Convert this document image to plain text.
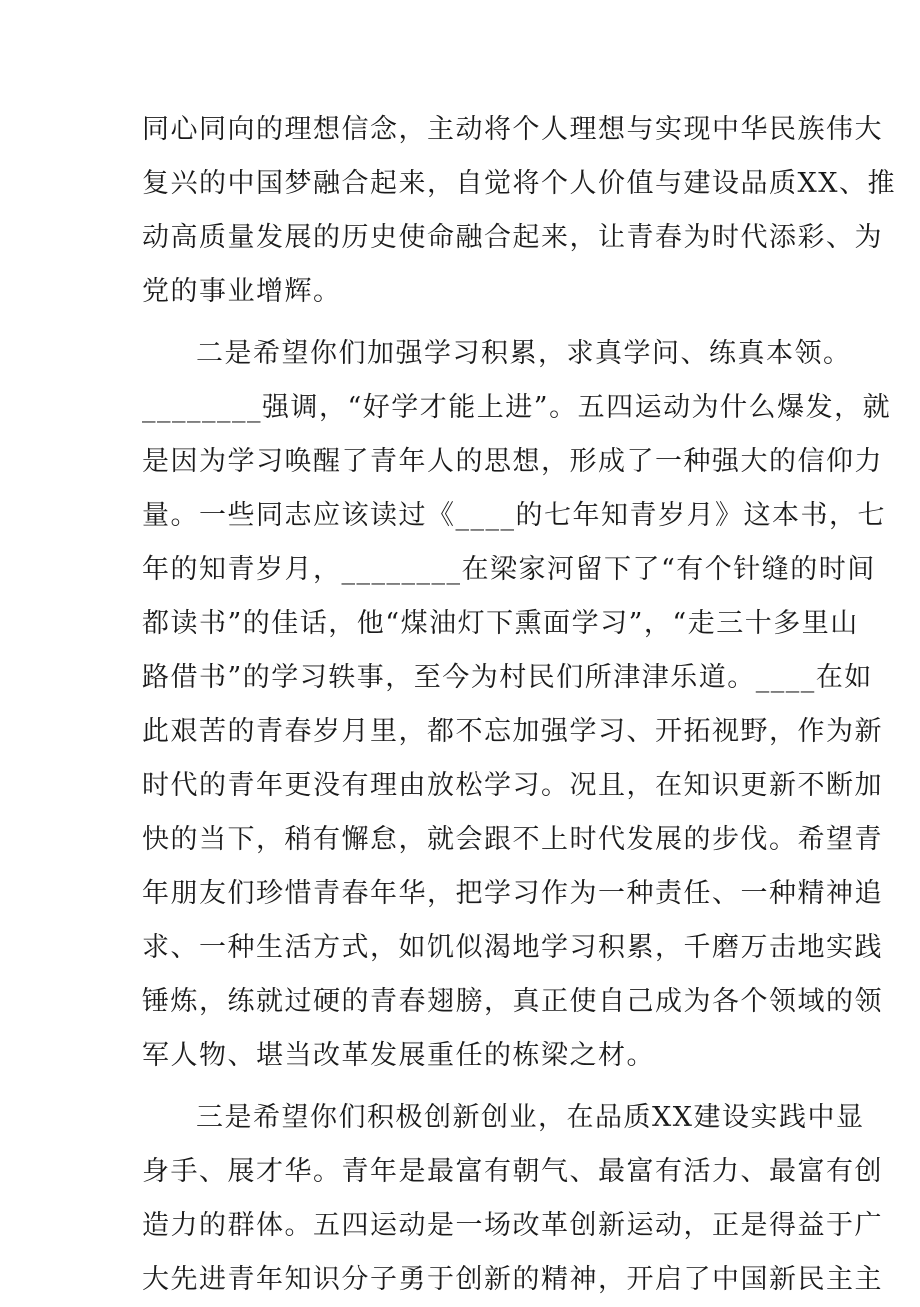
同心同向的理想信念，主动将个人理想与实现中华民族伟大
复兴的中国梦融合起来，自觉将个人价值与建设品质XX、推
动高质量发展的历史使命融合起来，让青春为时代添彩、为
党的事业增辉。
二是希望你们加强学习积累，求真学问、练真本领。
________强调，“好学才能上进”。五四运动为什么爆发，就
是因为学习唤醒了青年人的思想，形成了一种强大的信仰力
量。一些同志应该读过《____的七年知青岁月》这本书，七
年的知青岁月，________在梁家河留下了“有个针缝的时间
都读书”的佳话，他“煤油灯下熏面学习”，“走三十多里山
路借书”的学习轶事，至今为村民们所津津乐道。____在如
此艰苦的青春岁月里，都不忘加强学习、开拓视野，作为新
时代的青年更没有理由放松学习。况且，在知识更新不断加
快的当下，稍有懈怠，就会跟不上时代发展的步伐。希望青
年朋友们珍惜青春年华，把学习作为一种责任、一种精神追
求、一种生活方式，如饥似渴地学习积累，千磨万击地实践
锤炼，练就过硬的青春翅膀，真正使自己成为各个领域的领
军人物、堪当改革发展重任的栋梁之材。
三是希望你们积极创新创业，在品质XX建设实践中显
身手、展才华。青年是最富有朝气、最富有活力、最富有创
造力的群体。五四运动是一场改革创新运动，正是得益于广
大先进青年知识分子勇于创新的精神，开启了中国新民主主
